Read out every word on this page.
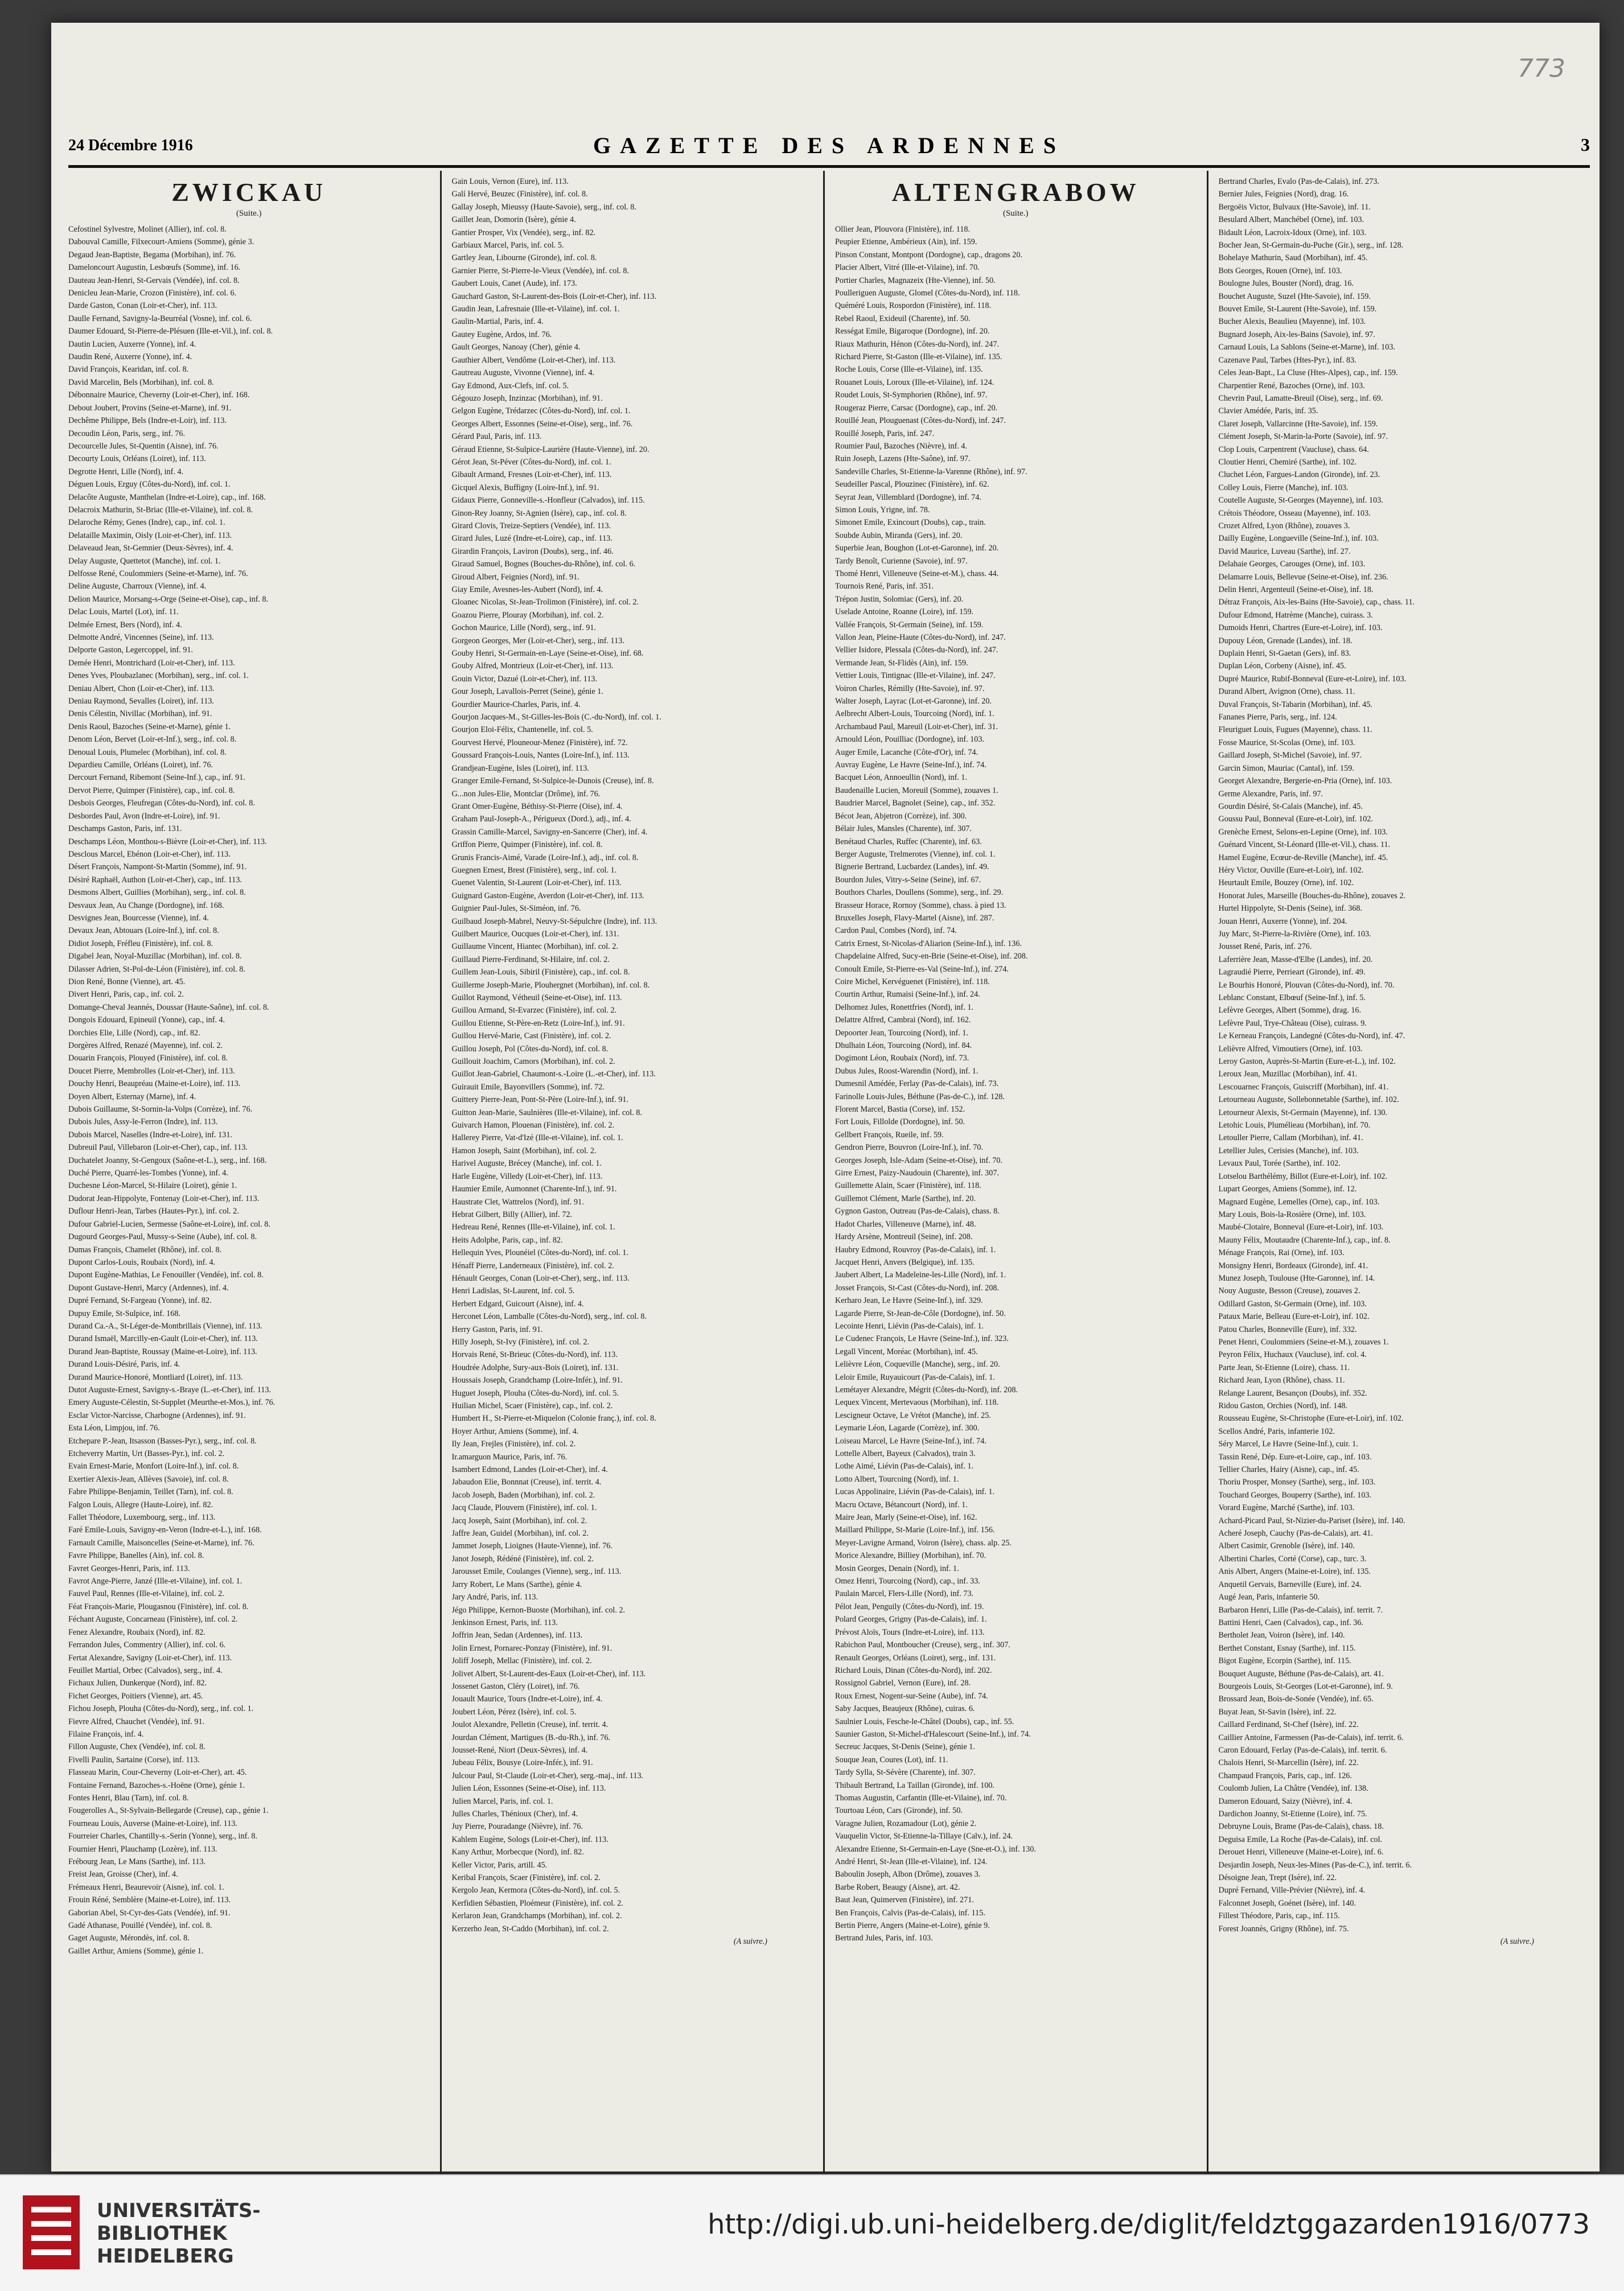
773
24 Décembre 1916	GAZETTE DES ARDENNES	3
ZWICKAU
(Suite.)
Cefostinel Sylvestre, Molinet (Allier), inf. col. 8.
Dabouval Camille, Filxecourt-Amiens (Somme), génie 3.
Degaud Jean-Baptiste, Begama (Morbihan), inf. 76.
Dameloncourt Augustin, Lesbœufs (Somme), inf. 16.
Dauteau Jean-Henri, St-Gervais (Vendée), inf. col. 8.
Denicleu Jean-Marie, Crozon (Finistère), inf. col. 6.
Darde Gaston, Conan (Loir-et-Cher), inf. 113.
Daulle Fernand, Savigny-la-Beurréal (Vosne), inf. col. 6.
Daumer Edouard, St-Pierre-de-Plésuen (Ille-et-Vil.), inf. col. 8.
Dautin Lucien, Auxerre (Yonne), inf. 4.
Daudin René, Auxerre (Yonne), inf. 4.
David François, Kearidan, inf. col. 8.
David Marcelin, Bels (Morbihan), inf. col. 8.
Débonnaire Maurice, Cheverny (Loir-et-Cher), inf. 168.
Debout Joubert, Provins (Seine-et-Marne), inf. 91.
Dechême Philippe, Bels (Indre-et-Loir), inf. 113.
Decoudin Léon, Paris, serg., inf. 76.
Decourcelle Jules, St-Quentin (Aisne), inf. 76.
Decourty Louis, Orléans (Loiret), inf. 113.
Degrotte Henri, Lille (Nord), inf. 4.
Déguen Louis, Erguy (Côtes-du-Nord), inf. col. 1.
Delacôte Auguste, Manthelan (Indre-et-Loire), cap., inf. 168.
Delacroix Mathurin, St-Briac (Ille-et-Vilaine), inf. col. 8.
Delaroche Rémy, Genes (Indre), cap., inf. col. 1.
Delataille Maximin, Oisly (Loir-et-Cher), inf. 113.
Delaveaud Jean, St-Gemnier (Deux-Sèvres), inf. 4.
Delay Auguste, Quettetot (Manche), inf. col. 1.
Delfosse René, Coulommiers (Seine-et-Marne), inf. 76.
Deline Auguste, Charroux (Vienne), inf. 4.
Delion Maurice, Morsang-s-Orge (Seine-et-Oise), cap., inf. 8.
Delac Louis, Martel (Lot), inf. 11.
Delmée Ernest, Bers (Nord), inf. 4.
Delmotte André, Vincennes (Seine), inf. 113.
Delporte Gaston, Legercoppel, inf. 91.
Demée Henri, Montrichard (Loir-et-Cher), inf. 113.
Denes Yves, Ploubazlanec (Morbihan), serg., inf. col. 1.
Deniau Albert, Chon (Loir-et-Cher), inf. 113.
Deniau Raymond, Sevalles (Loiret), inf. 113.
Denis Célestin, Nivillac (Morbihan), inf. 91.
Denis Raoul, Bazoches (Seine-et-Marne), génie 1.
Denom Léon, Bervet (Loir-et-Inf.), serg., inf. col. 8.
Denoual Louis, Plumelec (Morbihan), inf. col. 8.
Depardieu Camille, Orléans (Loiret), inf. 76.
Dercourt Fernand, Ribemont (Seine-Inf.), cap., inf. 91.
Dervot Pierre, Quimper (Finistère), cap., inf. col. 8.
Desbois Georges, Fleufregan (Côtes-du-Nord), inf. col. 8.
Desbordes Paul, Avon (Indre-et-Loire), inf. 91.
Deschamps Gaston, Paris, inf. 131.
Deschamps Léon, Monthou-s-Bièvre (Loir-et-Cher), inf. 113.
Desclous Marcel, Ebénon (Loir-et-Cher), inf. 113.
Désert François, Nampont-St-Martin (Somme), inf. 91.
Désiré Raphaël, Authon (Loir-et-Cher), cap., inf. 113.
Desmons Albert, Guillies (Morbihan), serg., inf. col. 8.
Desvaux Jean, Au Change (Dordogne), inf. 168.
Desvignes Jean, Bourcesse (Vienne), inf. 4.
Devaux Jean, Abtouars (Loire-Inf.), inf. col. 8.
Didiot Joseph, Fréfleu (Finistère), inf. col. 8.
Digabel Jean, Noyal-Muzillac (Morbihan), inf. col. 8.
Dilasser Adrien, St-Pol-de-Léon (Finistère), inf. col. 8.
Dion René, Bonne (Vienne), art. 45.
Divert Henri, Paris, cap., inf. col. 2.
Domange-Cheval Jeannés, Doussar (Haute-Saône), inf. col. 8.
Dongois Edouard, Epineuil (Yonne), cap., inf. 4.
Dorchies Elie, Lille (Nord), cap., inf. 82.
Dorgères Alfred, Renazé (Mayenne), inf. col. 2.
Douarin François, Plouyed (Finistère), inf. col. 8.
Doucet Pierre, Membrolles (Loir-et-Cher), inf. 113.
Douchy Henri, Beaupréau (Maine-et-Loire), inf. 113.
Doyen Albert, Esternay (Marne), inf. 4.
Dubois Guillaume, St-Sornin-la-Volps (Corrèze), inf. 76.
Dubois Jules, Assy-le-Ferron (Indre), inf. 113.
Dubois Marcel, Naselles (Indre-et-Loire), inf. 131.
Dubreuil Paul, Villebaron (Loir-et-Cher), cap., inf. 113.
Duchatelet Joanny, St-Gengoux (Saône-et-L.), serg., inf. 168.
Duché Pierre, Quarré-les-Tombes (Yonne), inf. 4.
Duchesne Léon-Marcel, St-Hilaire (Loiret), génie 1.
Dudorat Jean-Hippolyte, Fontenay (Loir-et-Cher), inf. 113.
Duflour Henri-Jean, Tarbes (Hautes-Pyr.), inf. col. 2.
Dufour Gabriel-Lucien, Sermesse (Saône-et-Loire), inf. col. 8.
Dugourd Georges-Paul, Mussy-s-Seine (Aube), inf. col. 8.
Dumas François, Chamelet (Rhône), inf. col. 8.
Dupont Carlos-Louis, Roubaix (Nord), inf. 4.
Dupont Eugène-Mathias, Le Fenouiller (Vendée), inf. col. 8.
Dupont Gustave-Henri, Marcy (Ardennes), inf. 4.
Dupré Fernand, St-Fargeau (Yonne), inf. 82.
Dupuy Emile, St-Sulpice, inf. 168.
Durand Ca.-A., St-Léger-de-Montbrillais (Vienne), inf. 113.
Durand Ismaël, Marcilly-en-Gault (Loir-et-Cher), inf. 113.
Durand Jean-Baptiste, Roussay (Maine-et-Loire), inf. 113.
Durand Louis-Désiré, Paris, inf. 4.
Durand Maurice-Honoré, Montliard (Loiret), inf. 113.
Dutot Auguste-Ernest, Savigny-s.-Braye (L.-et-Cher), inf. 113.
Emery Auguste-Célestin, St-Supplet (Meurthe-et-Mos.), inf. 76.
Esclar Victor-Narcisse, Charbogne (Ardennes), inf. 91.
Esta Léon, Limpjou, inf. 76.
Etchepare P.-Jean, Itsasson (Basses-Pyr.), serg., inf. col. 8.
Etcheverry Martin, Urt (Basses-Pyr.), inf. col. 2.
Evain Ernest-Marie, Monfort (Loire-Inf.), inf. col. 8.
Exertier Alexis-Jean, Allèves (Savoie), inf. col. 8.
Fabre Philippe-Benjamin, Teillet (Tarn), inf. col. 8.
Falgon Louis, Allegre (Haute-Loire), inf. 82.
Fallet Théodore, Luxembourg, serg., inf. 113.
Faré Emile-Louis, Savigny-en-Veron (Indre-et-L.), inf. 168.
Farnault Camille, Maisoncelles (Seine-et-Marne), inf. 76.
Favre Philippe, Banelles (Ain), inf. col. 8.
Favret Georges-Henri, Paris, inf. 113.
Favrot Ange-Pierre, Janzé (Ille-et-Vilaine), inf. col. 1.
Fauvel Paul, Rennes (Ille-et-Vilaine), inf. col. 2.
Féat François-Marie, Plougasnou (Finistère), inf. col. 8.
Féchant Auguste, Concarneau (Finistère), inf. col. 2.
Fenez Alexandre, Roubaix (Nord), inf. 82.
Ferrandon Jules, Commentry (Allier), inf. col. 6.
Fertat Alexandre, Savigny (Loir-et-Cher), inf. 113.
Feuillet Martial, Orbec (Calvados), serg., inf. 4.
Fichaux Julien, Dunkerque (Nord), inf. 82.
Fichet Georges, Poitiers (Vienne), art. 45.
Fichou Joseph, Plouha (Côtes-du-Nord), serg., inf. col. 1.
Fievre Alfred, Chauchet (Vendée), inf. 91.
Filaine François, inf. 4.
Fillon Auguste, Chex (Vendée), inf. col. 8.
Fivelli Paulin, Sartaine (Corse), inf. 113.
Flasseau Marin, Cour-Cheverny (Loir-et-Cher), art. 45.
Fontaine Fernand, Bazoches-s.-Hoëne (Orne), génie 1.
Fontes Henri, Blau (Tarn), inf. col. 8.
Fougerolles A., St-Sylvain-Bellegarde (Creuse), cap., génie 1.
Fourneau Louis, Auverse (Maine-et-Loire), inf. 113.
Fourreier Charles, Chantilly-s.-Serin (Yonne), serg., inf. 8.
Fournier Henri, Plauchamp (Lozère), inf. 113.
Frébourg Jean, Le Mans (Sarthe), inf. 113.
Freist Jean, Groisse (Cher), inf. 4.
Frémeaux Henri, Beaurevoir (Aisne), inf. col. 1.
Frouin Réné, Semblère (Maine-et-Loire), inf. 113.
Gaborian Abel, St-Cyr-des-Gats (Vendée), inf. 91.
Gadé Athanase, Pouillé (Vendée), inf. col. 8.
Gaget Auguste, Mérondès, inf. col. 8.
Gaillet Arthur, Amiens (Somme), génie 1.
Gain Louis, Vernon (Eure), inf. 113.
Galí Hervé, Beuzec (Finistère), inf. col. 8.
Gallay Joseph, Mieussy (Haute-Savoie), serg., inf. col. 8.
Gaillet Jean, Domorin (Isère), génie 4.
Gantier Prosper, Vix (Vendée), serg., inf. 82.
Garbiaux Marcel, Paris, inf. col. 5.
Gartley Jean, Libourne (Gironde), inf. col. 8.
Garnier Pierre, St-Pierre-le-Vieux (Vendée), inf. col. 8.
Gaubert Louis, Canet (Aude), inf. 173.
Gauchard Gaston, St-Laurent-des-Bois (Loir-et-Cher), inf. 113.
Gaudin Jean, Lafresnaie (Ille-et-Vilaine), inf. col. 1.
Gaulin-Martial, Paris, inf. 4.
Gautey Eugène, Ardos, inf. 76.
Gault Georges, Nanoay (Cher), génie 4.
Gauthier Albert, Vendôme (Loir-et-Cher), inf. 113.
Gautreau Auguste, Vivonne (Vienne), inf. 4.
Gay Edmond, Aux-Clefs, inf. col. 5.
Gégouzo Joseph, Inzinzac (Morbihan), inf. 91.
Gelgon Eugène, Trédarzec (Côtes-du-Nord), inf. col. 1.
Georges Albert, Essonnes (Seine-et-Oise), serg., inf. 76.
Gérard Paul, Paris, inf. 113.
Géraud Etienne, St-Sulpice-Laurière (Haute-Vienne), inf. 20.
Gérot Jean, St-Péver (Côtes-du-Nord), inf. col. 1.
Gibault Armand, Fresnes (Loir-et-Cher), inf. 113.
Gicquel Alexis, Buffigny (Loire-Inf.), inf. 91.
Gidaux Pierre, Gonneville-s.-Honfleur (Calvados), inf. 115.
Ginon-Rey Joanny, St-Agnien (Isère), cap., inf. col. 8.
Girard Clovis, Treize-Septiers (Vendée), inf. 113.
Girard Jules, Luzé (Indre-et-Loire), cap., inf. 113.
Girardin François, Laviron (Doubs), serg., inf. 46.
Giraud Samuel, Bognes (Bouches-du-Rhône), inf. col. 6.
Giroud Albert, Feignies (Nord), inf. 91.
Giay Emile, Avesnes-les-Aubert (Nord), inf. 4.
Gloanec Nicolas, St-Jean-Trolimon (Finistère), inf. col. 2.
Goazou Pierre, Plouray (Morbihan), inf. col. 2.
Gochon Maurice, Lille (Nord), serg., inf. 91.
Gorgeon Georges, Mer (Loir-et-Cher), serg., inf. 113.
Gouby Henri, St-Germain-en-Laye (Seine-et-Oise), inf. 68.
Gouby Alfred, Montrieux (Loir-et-Cher), inf. 113.
Gouin Victor, Dazué (Loir-et-Cher), inf. 113.
Gour Joseph, Lavallois-Perret (Seine), génie 1.
Gourdier Maurice-Charles, Paris, inf. 4.
Gourjon Jacques-M., St-Gilles-les-Bois (C.-du-Nord), inf. col. 1.
Gourjon Eloi-Félix, Chantenelle, inf. col. 5.
Gourvest Hervé, Plouneour-Menez (Finistère), inf. 72.
Goussard François-Louis, Nantes (Loire-Inf.), inf. 113.
Grandjean-Eugène, Isles (Loiret), inf. 113.
Granger Emile-Fernand, St-Sulpice-le-Dunois (Creuse), inf. 8.
G...non Jules-Elie, Montclar (Drôme), inf. 76.
Grant Omer-Eugène, Béthisy-St-Pierre (Oise), inf. 4.
Graham Paul-Joseph-A., Périgueux (Dord.), adj., inf. 4.
Grassin Camille-Marcel, Savigny-en-Sancerre (Cher), inf. 4.
Griffon Pierre, Quimper (Finistère), inf. col. 8.
Grunis Francis-Aimé, Varade (Loire-Inf.), adj., inf. col. 8.
Guegnen Ernest, Brest (Finistère), serg., inf. col. 1.
Guenet Valentin, St-Laurent (Loir-et-Cher), inf. 113.
Guignard Gaston-Eugène, Averdon (Loir-et-Cher), inf. 113.
Guignier Paul-Jules, St-Siméon, inf. 76.
Guilbaud Joseph-Mabrel, Neuvy-St-Sépulchre (Indre), inf. 113.
Guilbert Maurice, Oucques (Loir-et-Cher), inf. 131.
Guillaume Vincent, Hiantec (Morbihan), inf. col. 2.
Guillaud Pierre-Ferdinand, St-Hilaire, inf. col. 2.
Guillem Jean-Louis, Sibiril (Finistère), cap., inf. col. 8.
Guillerme Joseph-Marie, Plouhergnet (Morbihan), inf. col. 8.
Guillot Raymond, Vétheuil (Seine-et-Oise), inf. 113.
Guillou Armand, St-Evarzec (Finistère), inf. col. 2.
Guillou Etienne, St-Père-en-Retz (Loire-Inf.), inf. 91.
Guillou Hervé-Marie, Cast (Finistère), inf. col. 2.
Guillou Joseph, Pol (Côtes-du-Nord), inf. col. 8.
Guillouit Joachim, Camors (Morbihan), inf. col. 2.
Guillot Jean-Gabriel, Chaumont-s.-Loire (L.-et-Cher), inf. 113.
Guirauit Emile, Bayonvillers (Somme), inf. 72.
Guittery Pierre-Jean, Pont-St-Père (Loire-Inf.), inf. 91.
Guitton Jean-Marie, Saulnières (Ille-et-Vilaine), inf. col. 8.
Guivarch Hamon, Plouenan (Finistère), inf. col. 2.
Hallerey Pierre, Vat-d'Izé (Ille-et-Vilaine), inf. col. 1.
Hamon Joseph, Saint (Morbihan), inf. col. 2.
Harivel Auguste, Brécey (Manche), inf. col. 1.
Harle Eugène, Villedy (Loir-et-Cher), inf. 113.
Haumier Emile, Aumonnet (Charente-Inf.), inf. 91.
Haustrate Clet, Wattrelos (Nord), inf. 91.
Hebrat Gilbert, Billy (Allier), inf. 72.
Hedreau René, Rennes (Ille-et-Vilaine), inf. col. 1.
Heits Adolphe, Paris, cap., inf. 82.
Hellequin Yves, Plounéiel (Côtes-du-Nord), inf. col. 1.
Hénaff Pierre, Landerneaux (Finistère), inf. col. 2.
Hénault Georges, Conan (Loir-et-Cher), serg., inf. 113.
Henri Ladislas, St-Laurent, inf. col. 5.
Herbert Edgard, Guicourt (Aisne), inf. 4.
Herconet Léon, Lamballe (Côtes-du-Nord), serg., inf. col. 8.
Herry Gaston, Paris, inf. 91.
Hilly Joseph, St-Ivy (Finistère), inf. col. 2.
Horvais René, St-Brieuc (Côtes-du-Nord), inf. 113.
Houdrée Adolphe, Sury-aux-Bois (Loiret), inf. 131.
Houssais Joseph, Grandchamp (Loire-Infér.), inf. 91.
Huguet Joseph, Plouha (Côtes-du-Nord), inf. col. 5.
Huilian Michel, Scaer (Finistère), cap., inf. col. 2.
Humbert H., St-Pierre-et-Miquelon (Colonie franç.), inf. col. 8.
Hoyer Arthur, Amiens (Somme), inf. 4.
Ily Jean, Frejles (Finistère), inf. col. 2.
Ir.amarguon Maurice, Paris, inf. 76.
Isambert Edmond, Landes (Loir-et-Cher), inf. 4.
Jabaudon Elie, Bonnnat (Creuse), inf. territ. 4.
Jacob Joseph, Baden (Morbihan), inf. col. 2.
Jacq Claude, Plouvern (Finistère), inf. col. 1.
Jacq Joseph, Saint (Morbihan), inf. col. 2.
Jaffre Jean, Guidel (Morbihan), inf. col. 2.
Jammet Joseph, Lioignes (Haute-Vienne), inf. 76.
Janot Joseph, Rédéné (Finistère), inf. col. 2.
Jarousset Emile, Coulanges (Vienne), serg., inf. 113.
Jarry Robert, Le Mans (Sarthe), génie 4.
Jary André, Paris, inf. 113.
Jégo Philippe, Kernon-Buoste (Morbihan), inf. col. 2.
Jenkinson Ernest, Paris, inf. 113.
Joffrin Jean, Sedan (Ardennes), inf. 113.
Jolin Ernest, Pornarec-Ponzay (Finistère), inf. 91.
Joliff Joseph, Mellac (Finistère), inf. col. 2.
Jolivet Albert, St-Laurent-des-Eaux (Loir-et-Cher), inf. 113.
Jossenet Gaston, Cléry (Loiret), inf. 76.
Jouault Maurice, Tours (Indre-et-Loire), inf. 4.
Joubert Léon, Pérez (Isère), inf. col. 5.
Joulot Alexandre, Pelletin (Creuse), inf. territ. 4.
Jourdan Clément, Martigues (B.-du-Rh.), inf. 76.
Jousset-René, Niort (Deux-Sèvres), inf. 4.
Jubeau Félix, Bousye (Loire-Infér.), inf. 91.
Julcour Paul, St-Claude (Loir-et-Cher), serg.-maj., inf. 113.
Julien Léon, Essonnes (Seine-et-Oise), inf. 113.
Julien Marcel, Paris, inf. col. 1.
Julles Charles, Thénioux (Cher), inf. 4.
Juy Pierre, Pouradange (Nièvre), inf. 76.
Kahlem Eugène, Sologs (Loir-et-Cher), inf. 113.
Kany Arthur, Morbecque (Nord), inf. 82.
Keller Victor, Paris, artill. 45.
Keribal François, Scaer (Finistère), inf. col. 2.
Kergolo Jean, Kermora (Côtes-du-Nord), inf. col. 5.
Kerfidien Sébastien, Ploémeur (Finistère), inf. col. 2.
Kerlaron Jean, Grandchamps (Morbihan), inf. col. 2.
Kerzerho Jean, St-Caddo (Morbihan), inf. col. 2.
(A suivre.)
ALTENGRABOW
(Suite.)
Ollier Jean, Plouvora (Finistère), inf. 118.
Peupier Etienne, Ambérieux (Ain), inf. 159.
Pinson Constant, Montpont (Dordogne), cap., dragons 20.
Placier Albert, Vitré (Ille-et-Vilaine), inf. 70.
Portier Charles, Magnazeix (Hte-Vienne), inf. 50.
Poulleriguen Auguste, Glomel (Côtes-du-Nord), inf. 118.
Quéméré Louis, Rospordon (Finistère), inf. 118.
Rebel Raoul, Exideuil (Charente), inf. 50.
Rességat Emile, Bigaroque (Dordogne), inf. 20.
Riaux Mathurin, Hénon (Côtes-du-Nord), inf. 247.
Richard Pierre, St-Gaston (Ille-et-Vilaine), inf. 135.
Roche Louis, Corse (Ille-et-Vilaine), inf. 135.
Rouanet Louis, Loroux (Ille-et-Vilaine), inf. 124.
Roudet Louis, St-Symphorien (Rhône), inf. 97.
Rougeraz Pierre, Carsac (Dordogne), cap., inf. 20.
Rouillé Jean, Plouguenast (Côtes-du-Nord), inf. 247.
Rouillé Joseph, Paris, inf. 247.
Roumier Paul, Bazoches (Nièvre), inf. 4.
Ruin Joseph, Lazens (Hte-Saône), inf. 97.
Sandeville Charles, St-Etienne-la-Varenne (Rhône), inf. 97.
Seudeiller Pascal, Plouzinec (Finistère), inf. 62.
Seyrat Jean, Villemblard (Dordogne), inf. 74.
Simon Louis, Yrigne, inf. 78.
Simonet Emile, Exincourt (Doubs), cap., train.
Soubde Aubin, Miranda (Gers), inf. 20.
Superbie Jean, Boughon (Lot-et-Garonne), inf. 20.
Tardy Benoît, Curienne (Savoie), inf. 97.
Thomé Henri, Villeneuve (Seine-et-M.), chass. 44.
Tournois René, Paris, inf. 351.
Trépon Justin, Solomiac (Gers), inf. 20.
Uselade Antoine, Roanne (Loire), inf. 159.
Vallée François, St-Germain (Seine), inf. 159.
Vallon Jean, Pleine-Haute (Côtes-du-Nord), inf. 247.
Vellier Isidore, Plessala (Côtes-du-Nord), inf. 247.
Vermande Jean, St-Flidès (Ain), inf. 159.
Vettier Louis, Tintignac (Ille-et-Vilaine), inf. 247.
Voiron Charles, Rémilly (Hte-Savoie), inf. 97.
Walter Joseph, Layrac (Lot-et-Garonne), inf. 20.
Aelbrecht Albert-Louis, Tourcoing (Nord), inf. 1.
Archambaud Paul, Mareuil (Loir-et-Cher), inf. 31.
Arnould Léon, Pouilliac (Dordogne), inf. 103.
Auger Emile, Lacanche (Côte-d'Or), inf. 74.
Auvray Eugène, Le Havre (Seine-Inf.), inf. 74.
Bacquet Léon, Annoeullin (Nord), inf. 1.
Baudenaille Lucien, Moreuil (Somme), zouaves 1.
Baudrier Marcel, Bagnolet (Seine), cap., inf. 352.
Bécot Jean, Abjetron (Corrèze), inf. 300.
Bélair Jules, Mansles (Charente), inf. 307.
Benétaud Charles, Ruffec (Charente), inf. 63.
Berger Auguste, Trelmerotes (Vienne), inf. col. 1.
Bignerie Bertrand, Lucbardez (Landes), inf. 49.
Bourdon Jules, Vitry-s-Seine (Seine), inf. 67.
Bouthors Charles, Doullens (Somme), serg., inf. 29.
Brasseur Horace, Rornoy (Somme), chass. à pied 13.
Bruxelles Joseph, Flavy-Martel (Aisne), inf. 287.
Cardon Paul, Combes (Nord), inf. 74.
Catrix Ernest, St-Nicolas-d'Aliarion (Seine-Inf.), inf. 136.
Chapdelaine Alfred, Sucy-en-Brie (Seine-et-Oise), inf. 208.
Conoult Emile, St-Pierre-es-Val (Seine-Inf.), inf. 274.
Coire Michel, Kervéguenet (Finistère), inf. 118.
Courtin Arthur, Rumaisi (Seine-Inf.), inf. 24.
Delhomez Jules, Ronettfries (Nord), inf. 1.
Delattre Alfred, Cambrai (Nord), inf. 162.
Depoorter Jean, Tourcoing (Nord), inf. 1.
Dhulhain Léon, Tourcoing (Nord), inf. 84.
Dogimont Léon, Roubaix (Nord), inf. 73.
Dubus Jules, Roost-Warendin (Nord), inf. 1.
Dumesnil Amédée, Ferlay (Pas-de-Calais), inf. 73.
Farinolle Louis-Jules, Béthune (Pas-de-C.), inf. 128.
Florent Marcel, Bastia (Corse), inf. 152.
Fort Louis, Fillolde (Dordogne), inf. 50.
Gellbert François, Rueile, inf. 59.
Gendron Pierre, Bouvron (Loire-Inf.), inf. 70.
Georges Joseph, Isle-Adam (Seine-et-Oise), inf. 70.
Girre Ernest, Paizy-Naudouin (Charente), inf. 307.
Guillemette Alain, Scaer (Finistère), inf. 118.
Guillemot Clément, Marle (Sarthe), inf. 20.
Gygnon Gaston, Outreau (Pas-de-Calais), chass. 8.
Hadot Charles, Villeneuve (Marne), inf. 48.
Hardy Arsène, Montreuil (Seine), inf. 208.
Haubry Edmond, Rouvroy (Pas-de-Calais), inf. 1.
Jacquet Henri, Anvers (Belgique), inf. 135.
Jaubert Albert, La Madeleine-les-Lille (Nord), inf. 1.
Josset François, St-Cast (Côtes-du-Nord), inf. 208.
Kerharo Jean, Le Havre (Seine-Inf.), inf. 329.
Lagarde Pierre, St-Jean-de-Côle (Dordogne), inf. 50.
Lecointe Henri, Liévin (Pas-de-Calais), inf. 1.
Le Cudenec François, Le Havre (Seine-Inf.), inf. 323.
Legall Vincent, Moréac (Morbihan), inf. 45.
Lelièvre Léon, Coqueville (Manche), serg., inf. 20.
Leloir Emile, Ruyauicourt (Pas-de-Calais), inf. 1.
Lemétayer Alexandre, Mégrit (Côtes-du-Nord), inf. 208.
Lequex Vincent, Mertevaous (Morbihan), inf. 118.
Lescigneur Octave, Le Vrétot (Manche), inf. 25.
Leymarie Léon, Lagarde (Corrèze), inf. 300.
Loiseau Marcel, Le Havre (Seine-Inf.), inf. 74.
Lottelle Albert, Bayeux (Calvados), train 3.
Lothe Aimé, Liévin (Pas-de-Calais), inf. 1.
Lotto Albert, Tourcoing (Nord), inf. 1.
Lucas Appolinaire, Liévin (Pas-de-Calais), inf. 1.
Macru Octave, Bétancourt (Nord), inf. 1.
Maire Jean, Marly (Seine-et-Oise), inf. 162.
Maillard Philippe, St-Marie (Loire-Inf.), inf. 156.
Meyer-Lavigne Armand, Voiron (Isère), chass. alp. 25.
Morice Alexandre, Billiey (Morbihan), inf. 70.
Mosin Georges, Denain (Nord), inf. 1.
Omez Henri, Tourcoing (Nord), cap., inf. 33.
Paulain Marcel, Flers-Lille (Nord), inf. 73.
Pélot Jean, Penguily (Côtes-du-Nord), inf. 19.
Polard Georges, Grigny (Pas-de-Calais), inf. 1.
Prévost Aloïs, Tours (Indre-et-Loire), inf. 113.
Rabichon Paul, Montboucher (Creuse), serg., inf. 307.
Renault Georges, Orléans (Loiret), serg., inf. 131.
Richard Louis, Dinan (Côtes-du-Nord), inf. 202.
Rossignol Gabriel, Vernon (Eure), inf. 28.
Roux Ernest, Nogent-sur-Seine (Aube), inf. 74.
Saby Jacques, Beaujeux (Rhône), cuiras. 6.
Saulnier Louis, Fesche-le-Châtel (Doubs), cap., inf. 55.
Saunier Gaston, St-Michel-d'Halescourt (Seine-Inf.), inf. 74.
Secreuc Jacques, St-Denis (Seine), génie 1.
Souque Jean, Coures (Lot), inf. 11.
Tardy Sylla, St-Sévère (Charente), inf. 307.
Thibault Bertrand, La Taillan (Gironde), inf. 100.
Thomas Augustin, Carfantin (Ille-et-Vilaine), inf. 70.
Tourtoau Léon, Cars (Gironde), inf. 50.
Varagne Julien, Rozamadour (Lot), génie 2.
Vauquelin Victor, St-Etienne-la-Tillaye (Calv.), inf. 24.
Alexandre Etienne, St-Germain-en-Laye (Sne-et-O.), inf. 130.
André Henri, St-Jean (Ille-et-Vilaine), inf. 124.
Baboulin Joseph, Albon (Drôme), zouaves 3.
Barbe Robert, Beaugy (Aisne), art. 42.
Baut Jean, Quimerven (Finistère), inf. 271.
Ben François, Calvis (Pas-de-Calais), inf. 115.
Bertin Pierre, Angers (Maine-et-Loire), génie 9.
Bertrand Jules, Paris, inf. 103.
Bertrand Charles, Evalo (Pas-de-Calais), inf. 273.
Bernier Jules, Feignies (Nord), drag. 16.
Bergoëis Victor, Bulvaux (Hte-Savoie), inf. 11.
Besulard Albert, Manchébel (Orne), inf. 103.
Bidault Léon, Lacroix-Idoux (Orne), inf. 103.
Bocher Jean, St-Germain-du-Puche (Gir.), serg., inf. 128.
Bohelaye Mathurin, Saud (Morbihan), inf. 45.
Bots Georges, Rouen (Orne), inf. 103.
Boulogne Jules, Bouster (Nord), drag. 16.
Bouchet Auguste, Suzel (Hte-Savoie), inf. 159.
Bouvet Emile, St-Laurent (Hte-Savoie), inf. 159.
Bucher Alexis, Beaulieu (Mayenne), inf. 103.
Bugnard Joseph, Aix-les-Bains (Savoie), inf. 97.
Carnaud Louis, La Sablons (Seine-et-Marne), inf. 103.
Cazenave Paul, Tarbes (Htes-Pyr.), inf. 83.
Celes Jean-Bapt., La Cluse (Htes-Alpes), cap., inf. 159.
Charpentier René, Bazoches (Orne), inf. 103.
Chevrin Paul, Lamatte-Breuil (Oise), serg., inf. 69.
Clavier Amédée, Paris, inf. 35.
Claret Joseph, Vallarcinne (Hte-Savoie), inf. 159.
Clément Joseph, St-Marin-la-Porte (Savoie), inf. 97.
Clop Louis, Carpentrent (Vaucluse), chass. 64.
Cloutier Henri, Chemiré (Sarthe), inf. 102.
Cluchet Léon, Fargues-Landon (Gironde), inf. 23.
Colley Louis, Fierre (Manche), inf. 103.
Coutelle Auguste, St-Georges (Mayenne), inf. 103.
Crétois Théodore, Osseau (Mayenne), inf. 103.
Crozet Alfred, Lyon (Rhône), zouaves 3.
Dailly Eugène, Longueville (Seine-Inf.), inf. 103.
David Maurice, Luveau (Sarthe), inf. 27.
Delahaie Georges, Carouges (Orne), inf. 103.
Delamarre Louis, Bellevue (Seine-et-Oise), inf. 236.
Delin Henri, Argenteuil (Seine-et-Oise), inf. 18.
Détraz François, Aix-les-Bains (Hte-Savoie), cap., chass. 11.
Dufour Edmond, Hatrème (Manche), cuirass. 3.
Dumoids Henri, Chartres (Eure-et-Loire), inf. 103.
Dupouy Léon, Grenade (Landes), inf. 18.
Duplain Henri, St-Gaetan (Gers), inf. 83.
Duplan Léon, Corbeny (Aisne), inf. 45.
Dupré Maurice, Rubif-Bonneval (Eure-et-Loire), inf. 103.
Durand Albert, Avignon (Orne), chass. 11.
Duval François, St-Tabarin (Morbihan), inf. 45.
Fananes Pierre, Paris, serg., inf. 124.
Fleuriguet Louis, Fugues (Mayenne), chass. 11.
Fosse Maurice, St-Scolas (Orne), inf. 103.
Gaillard Joseph, St-Michel (Savoie), inf. 97.
Garcin Simon, Mauriac (Cantal), inf. 159.
Georget Alexandre, Bergerie-en-Pria (Orne), inf. 103.
Germe Alexandre, Paris, inf. 97.
Gourdin Désiré, St-Calais (Manche), inf. 45.
Goussu Paul, Bonneval (Eure-et-Loir), inf. 102.
Grenèche Ernest, Selons-en-Lepine (Orne), inf. 103.
Guénard Vincent, St-Léonard (Ille-et-Vil.), chass. 11.
Hamel Eugène, Ecœur-de-Reville (Manche), inf. 45.
Héry Victor, Ouville (Eure-et-Loir), inf. 102.
Heurtault Emile, Bouzey (Orne), inf. 102.
Honorat Jules, Marseille (Bouches-du-Rhône), zouaves 2.
Hurtel Hippolyte, St-Denis (Seine), inf. 368.
Jouan Henri, Auxerre (Yonne), inf. 204.
Juy Marc, St-Pierre-la-Rivière (Orne), inf. 103.
Jousset René, Paris, inf. 276.
Laferrière Jean, Masse-d'Elbe (Landes), inf. 20.
Lagraudié Pierre, Perrieart (Gironde), inf. 49.
Le Bourhis Honoré, Plouvan (Côtes-du-Nord), inf. 70.
Leblanc Constant, Elbœuf (Seine-Inf.), inf. 5.
Lefèvre Georges, Albert (Somme), drag. 16.
Lefèvre Paul, Trye-Château (Oise), cuirass. 9.
Le Kerneau François, Landegné (Côtes-du-Nord), inf. 47.
Lelièvre Alfred, Vimoutiers (Orne), inf. 103.
Leroy Gaston, Auprès-St-Martin (Eure-et-L.), inf. 102.
Leroux Jean, Muzillac (Morbihan), inf. 41.
Lescouarnec François, Guiscriff (Morbihan), inf. 41.
Letourneau Auguste, Sollebonnetable (Sarthe), inf. 102.
Letourneur Alexis, St-Germain (Mayenne), inf. 130.
Letohic Louis, Plumélieau (Morbihan), inf. 70.
Letouller Pierre, Callam (Morbihan), inf. 41.
Letellier Jules, Cerisies (Manche), inf. 103.
Levaux Paul, Torée (Sarthe), inf. 102.
Lotselou Barthélémy, Billot (Eure-et-Loir), inf. 102.
Lupart Georges, Amiens (Somme), inf. 12.
Magnard Eugène, Lemelles (Orne), cap., inf. 103.
Mary Louis, Bois-la-Rosière (Orne), inf. 103.
Maubé-Clotaire, Bonneval (Eure-et-Loir), inf. 103.
Mauny Félix, Moutaudre (Charente-Inf.), cap., inf. 8.
Ménage François, Rai (Orne), inf. 103.
Monsigny Henri, Bordeaux (Gironde), inf. 41.
Munez Joseph, Toulouse (Hte-Garonne), inf. 14.
Nouy Auguste, Besson (Creuse), zouaves 2.
Odillard Gaston, St-Germain (Orne), inf. 103.
Pataux Marie, Belleau (Eure-et-Loir), inf. 102.
Patou Charles, Bonneville (Eure), inf. 332.
Penet Henri, Coulommiers (Seine-et-M.), zouaves 1.
Peyron Félix, Huchaux (Vaucluse), inf. col. 4.
Parte Jean, St-Etienne (Loire), chass. 11.
Richard Jean, Lyon (Rhône), chass. 11.
Relange Laurent, Besançon (Doubs), inf. 352.
Ridou Gaston, Orchies (Nord), inf. 148.
Rousseau Eugène, St-Christophe (Eure-et-Loir), inf. 102.
Scellos André, Paris, infanterie 102.
Séry Marcel, Le Havre (Seine-Inf.), cuir. 1.
Tassin René, Dép. Eure-et-Loire, cap., inf. 103.
Tellier Charles, Hairy (Aisne), cap., inf. 45.
Thoriu Prosper, Monsey (Sarthe), serg., inf. 103.
Touchard Georges, Bouperry (Sarthe), inf. 103.
Vorard Eugène, Marché (Sarthe), inf. 103.
Achard-Picard Paul, St-Nizier-du-Pariset (Isère), inf. 140.
Acheré Joseph, Cauchy (Pas-de-Calais), art. 41.
Albert Casimir, Grenoble (Isère), inf. 140.
Albertini Charles, Corté (Corse), cap., turc. 3.
Anis Albert, Angers (Maine-et-Loire), inf. 135.
Anquetil Gervais, Barneville (Eure), inf. 24.
Augé Jean, Paris, infanterie 50.
Barbaron Henri, Lille (Pas-de-Calais), inf. territ. 7.
Battini Henri, Caen (Calvados), cap., inf. 36.
Bertholet Jean, Voiron (Isère), inf. 140.
Berthet Constant, Esnay (Sarthe), inf. 115.
Bigot Eugène, Ecorpin (Sarthe), inf. 115.
Bouquet Auguste, Béthune (Pas-de-Calais), art. 41.
Bourgeois Louis, St-Georges (Lot-et-Garonne), inf. 9.
Brossard Jean, Bois-de-Sonée (Vendée), inf. 65.
Buyat Jean, St-Savin (Isère), inf. 22.
Caillard Ferdinand, St-Chef (Isère), inf. 22.
Caillier Antoine, Farmessen (Pas-de-Calais), inf. territ. 6.
Caron Edouard, Ferlay (Pas-de-Calais), inf. territ. 6.
Chalois Henri, St-Marcellin (Isère), inf. 22.
Champaud François, Paris, cap., inf. 126.
Coulomb Julien, La Châtre (Vendée), inf. 138.
Dameron Edouard, Saizy (Nièvre), inf. 4.
Dardichon Joanny, St-Etienne (Loire), inf. 75.
Debruyne Louis, Brame (Pas-de-Calais), chass. 18.
Deguisa Emile, La Roche (Pas-de-Calais), inf. col.
Derouet Henri, Villeneuve (Maine-et-Loire), inf. 6.
Desjardin Joseph, Neux-les-Mines (Pas-de-C.), inf. territ. 6.
Désoigne Jean, Trept (Isère), inf. 22.
Dupré Fernand, Ville-Prévier (Nièvre), inf. 4.
Falconnet Joseph, Goénet (Isère), inf. 140.
Fillest Théodore, Paris, cap., inf. 115.
Forest Joannès, Grigny (Rhône), inf. 75.
(A suivre.)
UNIVERSITÄTS-
BIBLIOTHEK
HEIDELBERG
http://digi.ub.uni-heidelberg.de/diglit/feldztggazarden1916/0773
